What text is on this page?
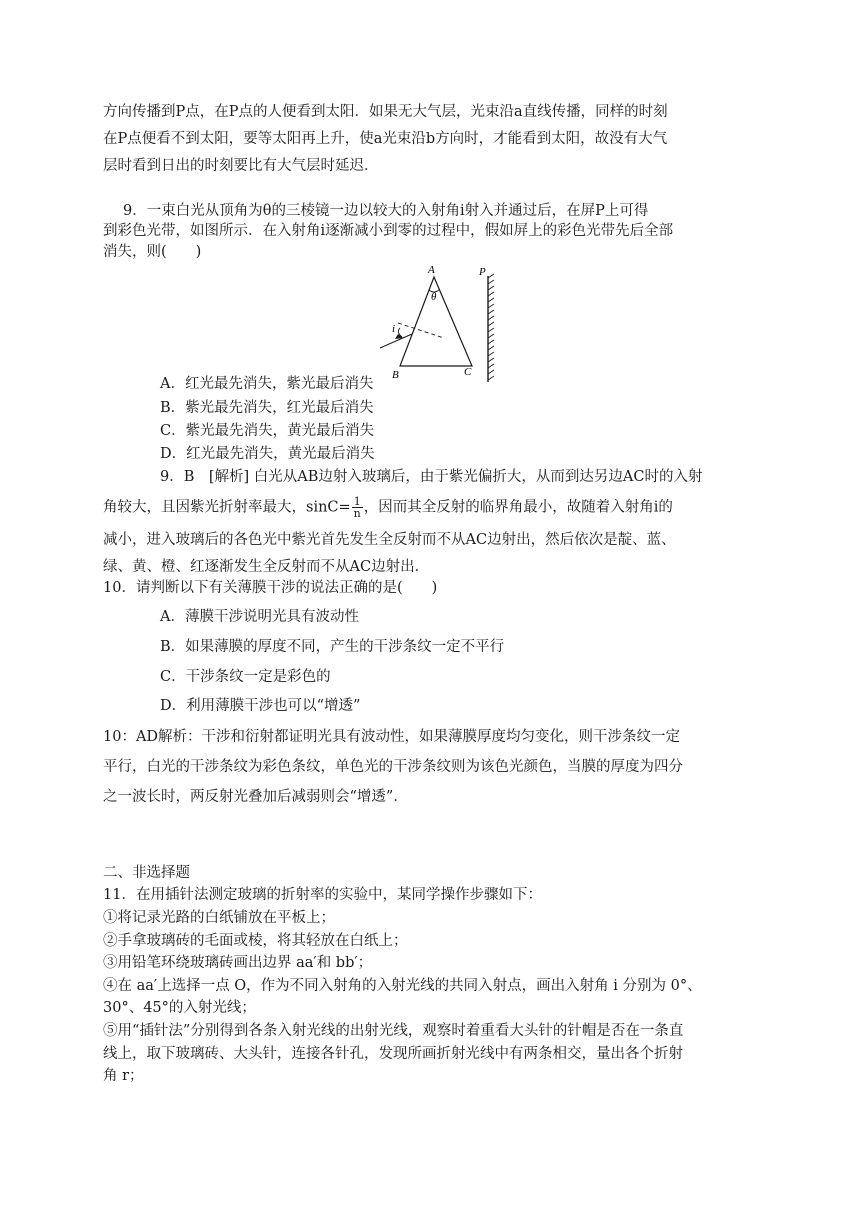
方向传播到P点，在P点的人便看到太阳．如果无大气层，光束沿a直线传播，同样的时刻
在P点便看不到太阳，要等太阳再上升，使a光束沿b方向时，才能看到太阳，故没有大气
层时看到日出的时刻要比有大气层时延迟．
9．一束白光从顶角为θ的三棱镜一边以较大的入射角i射入并通过后，在屏P上可得
到彩色光带，如图所示．在入射角i逐渐减小到零的过程中，假如屏上的彩色光带先后全部
消失，则(　　)
A
θ
P
i
B	C
A．红光最先消失，紫光最后消失
B．紫光最先消失，红光最后消失
C．紫光最先消失，黄光最后消失
D．红光最先消失，黄光最后消失
9．B　[解析] 白光从AB边射入玻璃后，由于紫光偏折大，从而到达另边AC时的入射
角较大，且因紫光折射率最大，$\sin C= \frac{1}{n}$ ，因而其全反射的临界角最小，故随着入射角i的
减小，进入玻璃后的各色光中紫光首先发生全反射而不从AC边射出，然后依次是靛、蓝、
绿、黄、橙、红逐渐发生全反射而不从AC边射出．
10．请判断以下有关薄膜干涉的说法正确的是(　　)
A．薄膜干涉说明光具有波动性
B．如果薄膜的厚度不同，产生的干涉条纹一定不平行
C．干涉条纹一定是彩色的
D．利用薄膜干涉也可以“增透”
10：AD解析：干涉和衍射都证明光具有波动性，如果薄膜厚度均匀变化，则干涉条纹一定
平行，白光的干涉条纹为彩色条纹，单色光的干涉条纹则为该色光颜色，当膜的厚度为四分
之一波长时，两反射光叠加后减弱则会“增透”．
二、非选择题
11．在用插针法测定玻璃的折射率的实验中，某同学操作步骤如下：
①将记录光路的白纸铺放在平板上；
②手拿玻璃砖的毛面或棱，将其轻放在白纸上；
③用铅笔环绕玻璃砖画出边界 aa′和 bb′；
④在 aa′上选择一点 O，作为不同入射角的入射光线的共同入射点，画出入射角 i 分别为 0°、
30°、45°的入射光线；
⑤用“插针法”分别得到各条入射光线的出射光线，观察时着重看大头针的针帽是否在一条直
线上，取下玻璃砖、大头针，连接各针孔，发现所画折射光线中有两条相交，量出各个折射
角 r；
